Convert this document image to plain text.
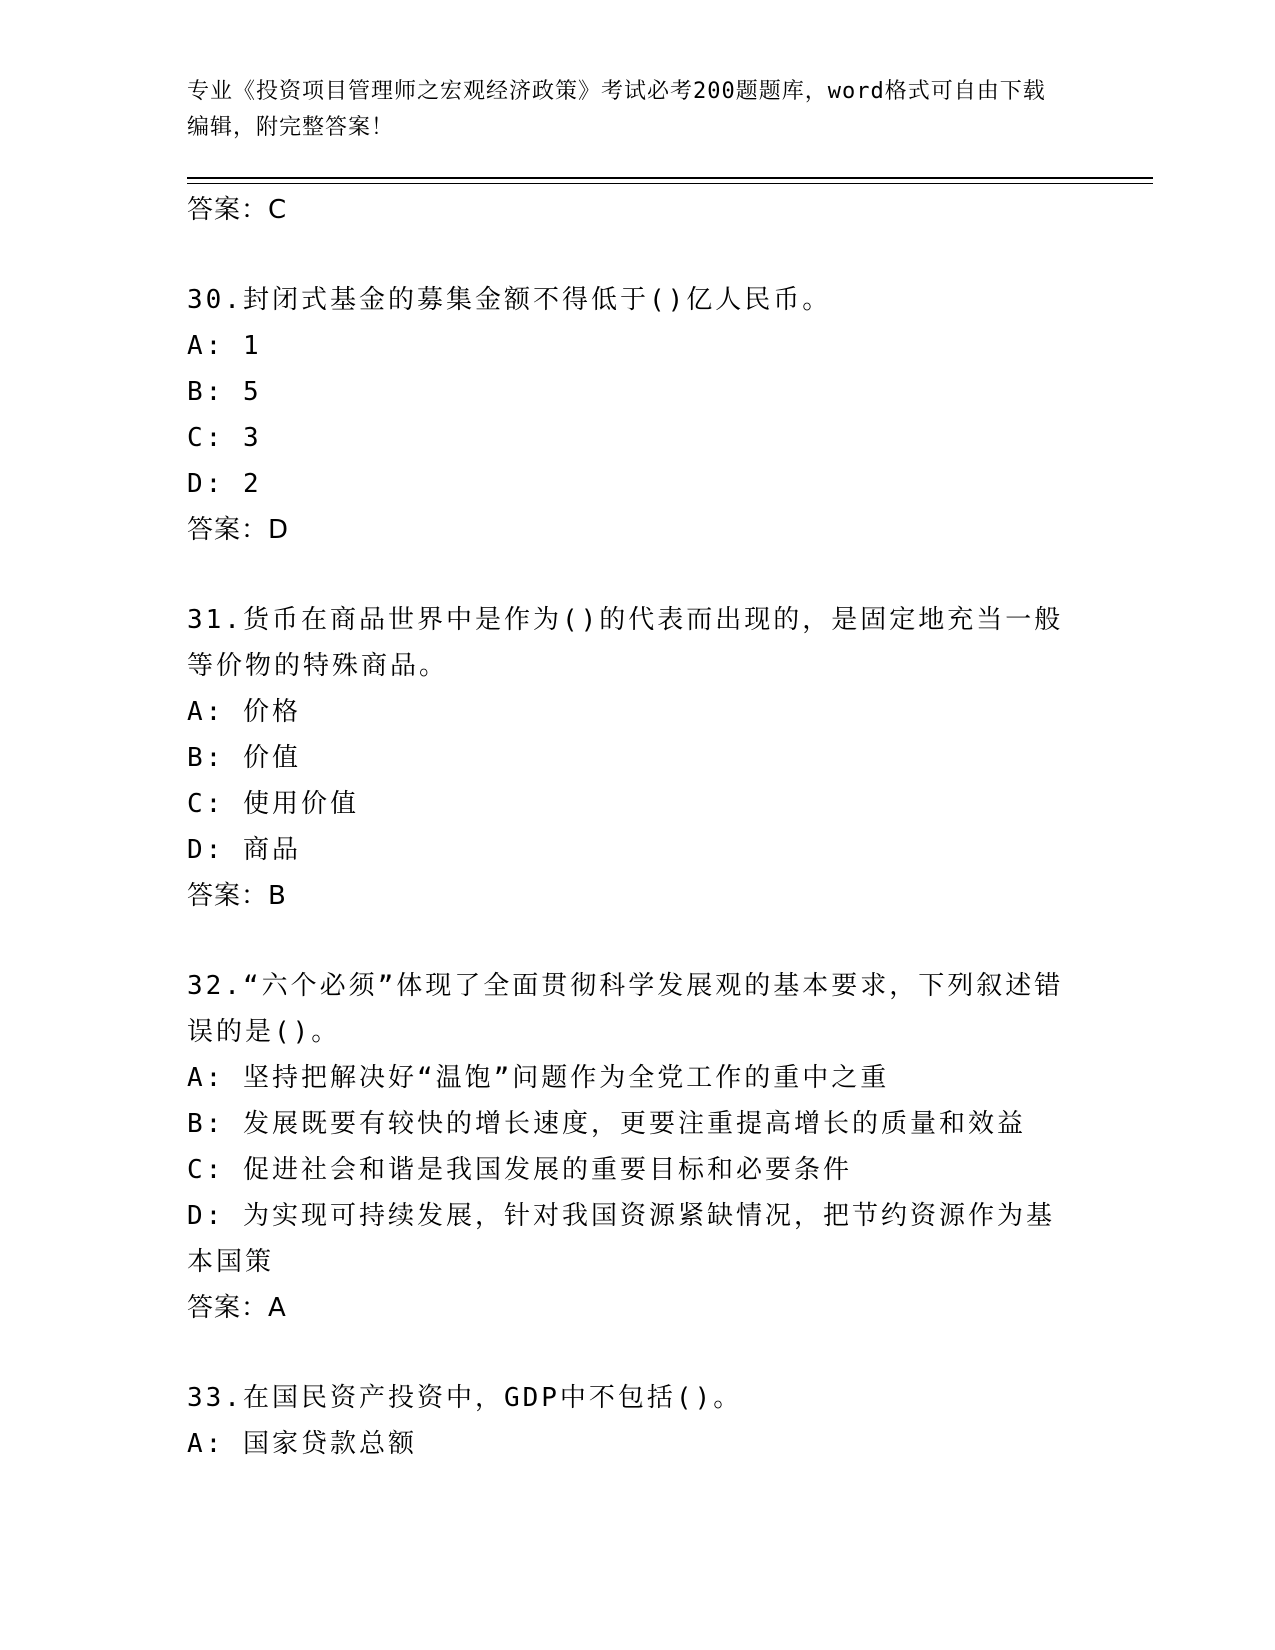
专业《投资项目管理师之宏观经济政策》考试必考200题题库，word格式可自由下载编辑，附完整答案！
答案：C
30.封闭式基金的募集金额不得低于()亿人民币。
A: 1
B: 5
C: 3
D: 2
答案：D
31.货币在商品世界中是作为()的代表而出现的，是固定地充当一般等价物的特殊商品。
A: 价格
B: 价值
C: 使用价值
D: 商品
答案：B
32.“六个必须”体现了全面贯彻科学发展观的基本要求，下列叙述错误的是()。
A: 坚持把解决好“温饱”问题作为全党工作的重中之重
B: 发展既要有较快的增长速度，更要注重提高增长的质量和效益
C: 促进社会和谐是我国发展的重要目标和必要条件
D: 为实现可持续发展，针对我国资源紧缺情况，把节约资源作为基本国策
答案：A
33.在国民资产投资中，GDP中不包括()。
A: 国家贷款总额
